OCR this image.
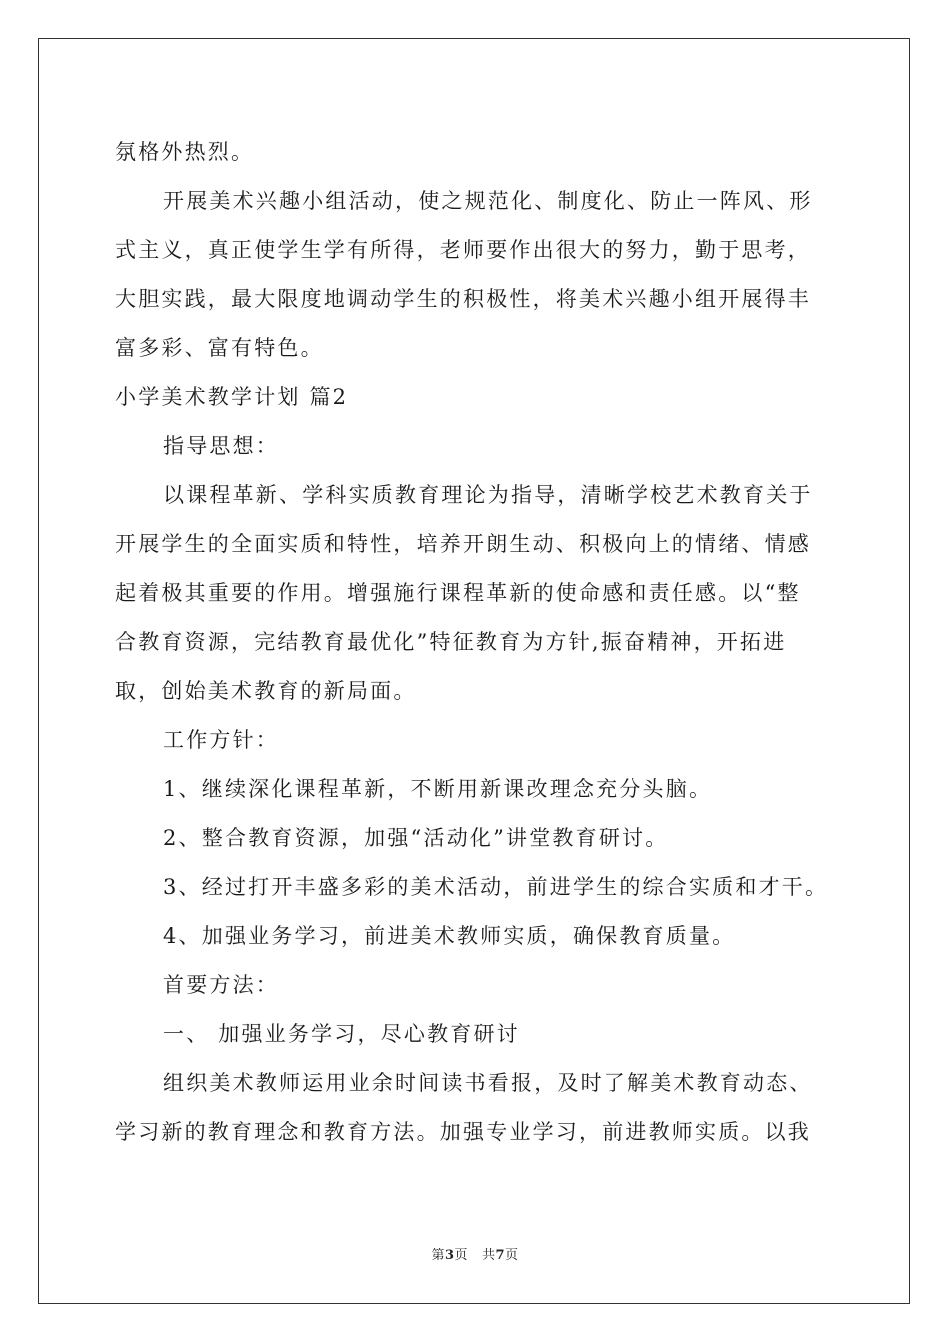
氛格外热烈。
开展美术兴趣小组活动，使之规范化、制度化、防止一阵风、形
式主义，真正使学生学有所得，老师要作出很大的努力，勤于思考，
大胆实践，最大限度地调动学生的积极性，将美术兴趣小组开展得丰
富多彩、富有特色。
小学美术教学计划 篇2
指导思想：
以课程革新、学科实质教育理论为指导，清晰学校艺术教育关于
开展学生的全面实质和特性，培养开朗生动、积极向上的情绪、情感
起着极其重要的作用。增强施行课程革新的使命感和责任感。以“整
合教育资源，完结教育最优化”特征教育为方针,振奋精神，开拓进
取，创始美术教育的新局面。
工作方针：
1、继续深化课程革新，不断用新课改理念充分头脑。
2、整合教育资源，加强“活动化”讲堂教育研讨。
3、经过打开丰盛多彩的美术活动，前进学生的综合实质和才干。
4、加强业务学习，前进美术教师实质，确保教育质量。
首要方法：
一、 加强业务学习，尽心教育研讨
组织美术教师运用业余时间读书看报，及时了解美术教育动态、
学习新的教育理念和教育方法。加强专业学习，前进教师实质。以我
第3页 共7页
